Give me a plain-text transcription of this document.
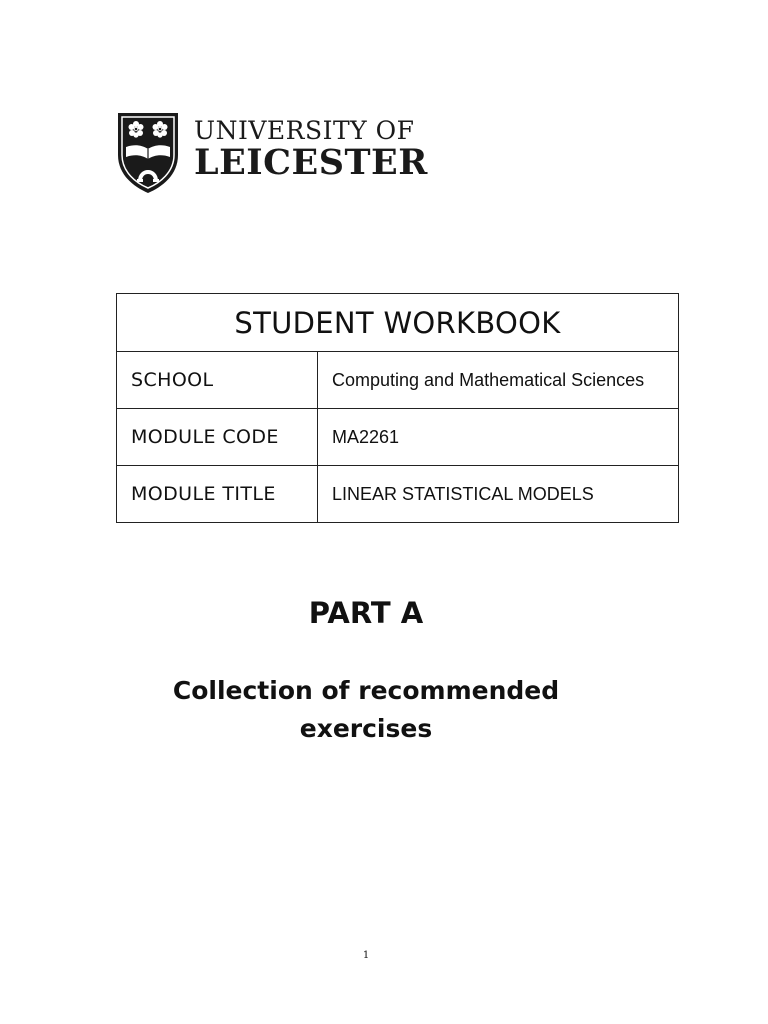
UNIVERSITY OF
LEICESTER
STUDENT WORKBOOK	
SCHOOL	Computing and Mathematical Sciences
MODULE CODE	MA2261
MODULE TITLE	LINEAR STATISTICAL MODELS
PART A
Collection of recommended
exercises
1
